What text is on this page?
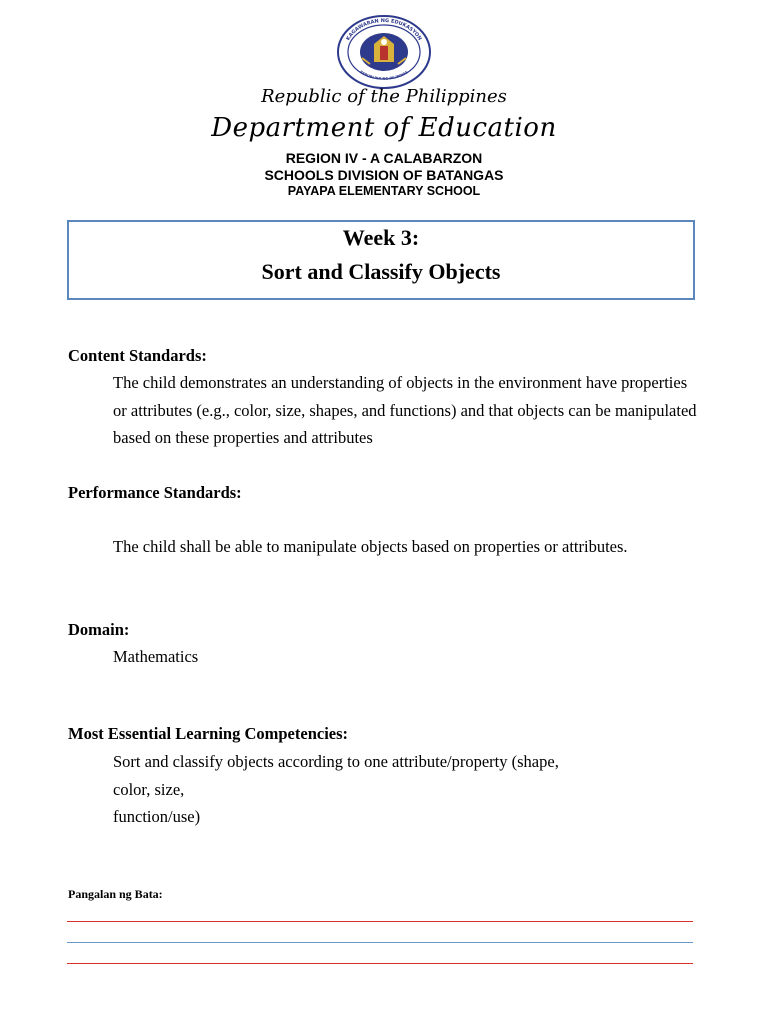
KAGAWARAN NG EDUKASYON
REPUBLIKA NG PILIPINAS
Republic of the Philippines
Department of Education
REGION IV - A CALABARZON
SCHOOLS DIVISION OF BATANGAS
PAYAPA ELEMENTARY SCHOOL
Week 3:
Sort and Classify Objects
Content Standards:
The child demonstrates an understanding of objects in the environment have properties or attributes (e.g., color, size, shapes, and functions) and that objects can be manipulated based on these properties and attributes
Performance Standards:
The child shall be able to manipulate objects based on properties or attributes.
Domain:
Mathematics
Most Essential Learning Competencies:
Sort and classify objects according to one attribute/property (shape,
color, size,
function/use)
Pangalan ng Bata:
